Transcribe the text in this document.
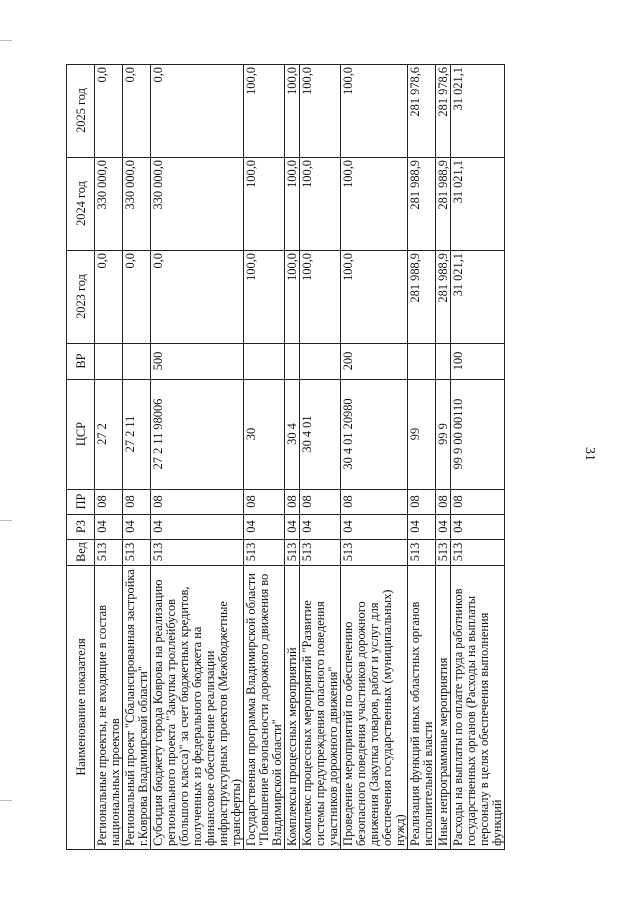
31
Наименование показателя	Вед	РЗ	ПР	ЦСР	ВР	2023 год	2024 год	2025 год
Региональные проекты, не входящие в состав национальных проектов	513	04	08	27 2		0,0	330 000,0	0,0
Региональный проект "Сбалансированная застройка г.Коврова Владимирской области"	513	04	08	27 2 11		0,0	330 000,0	0,0
Субсидия бюджету города Коврова на реализацию регионального проекта "Закупка троллейбусов (большого класса)" за счет бюджетных кредитов, полученных из федерального бюджета на финансовое обеспечение реализации инфраструктурных проектов (Межбюджетные трансферты)	513	04	08	27 2 11 98006	500	0,0	330 000,0	0,0
Государственная программа Владимирской области "Повышение безопасности дорожного движения во Владимирской области"	513	04	08	30		100,0	100,0	100,0
Комплексы процессных мероприятий	513	04	08	30 4		100,0	100,0	100,0
Комплекс процессных мероприятий "Развитие системы предупреждения опасного поведения участников дорожного движения"	513	04	08	30 4 01		100,0	100,0	100,0
Проведение мероприятий по обеспечению безопасного поведения участников дорожного движения (Закупка товаров, работ и услуг для обеспечения государственных (муниципальных) нужд)	513	04	08	30 4 01 20980	200	100,0	100,0	100,0
Реализация функций иных областных органов исполнительной власти	513	04	08	99		281 988,9	281 988,9	281 978,6
Иные непрограммные мероприятия	513	04	08	99 9		281 988,9	281 988,9	281 978,6
Расходы на выплаты по оплате труда работников государственных органов (Расходы на выплаты персоналу в целях обеспечения выполнения функций	513	04	08	99 9 00 00110	100	31 021,1	31 021,1	31 021,1
